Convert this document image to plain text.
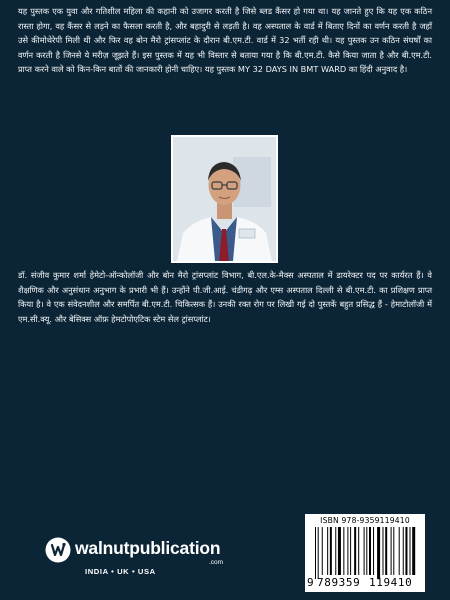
यह पुस्तक एक युवा और गतिशील महिला की कहानी को उजागर करती है जिसे ब्लड कैंसर हो गया था। यह जानते हुए कि यह एक कठिन रास्ता होगा, वह कैंसर से लड़ने का फैसला करती है, और बहादुरी से लड़ती है। वह अस्पताल के वार्ड में बिताए दिनों का वर्णन करती है जहाँ उसे कीमोथेरेपी मिली थी और फिर वह बोन मैरो ट्रांसप्लांट के दौरान बी.एम.टी. वार्ड में 32 भर्ती रही थी। यह पुस्तक उन कठिन संघर्षों का वर्णन करती है जिनसे ये मरीज़ जूझते हैं। इस पुस्तक में यह भी विस्तार से बताया गया है कि बी.एम.टी. कैसे किया जाता है और बी.एम.टी. प्राप्त करने वाले को किन-किन बातों की जानकारी होनी चाहिए। यह पुस्तक MY 32 DAYS IN BMT WARD का हिंदी अनुवाद है।

डॉ. संजीव कुमार शर्मा हेमेटो-ऑन्कोलॉजी और बोन मैरो ट्रांसप्लांट विभाग, बी.एल.के-मैक्स अस्पताल में डायरेक्टर पद पर कार्यरत हैं। वे शैक्षणिक और अनुसंधान अनुभाग के प्रभारी भी हैं। उन्होंने पी.जी.आई. चंडीगढ़ और एम्स अस्पताल दिल्ली से बी.एम.टी. का प्रशिक्षण प्राप्त किया है। वे एक संवेदनशील और समर्पित बी.एम.टी. चिकित्सक हैं। उनकी रक्त रोग पर लिखी गई दो पुस्तकें बहुत प्रसिद्ध हैं - हेमाटोलॉजी में एम.सी.क्यू. और बेसिक्स ऑफ़ हेमटोपोएटिक स्टेम सेल ट्रांसप्लांट।

walnutpublication
.com
INDIA • UK • USA
ISBN 978-9359119410
9 789359 119410
